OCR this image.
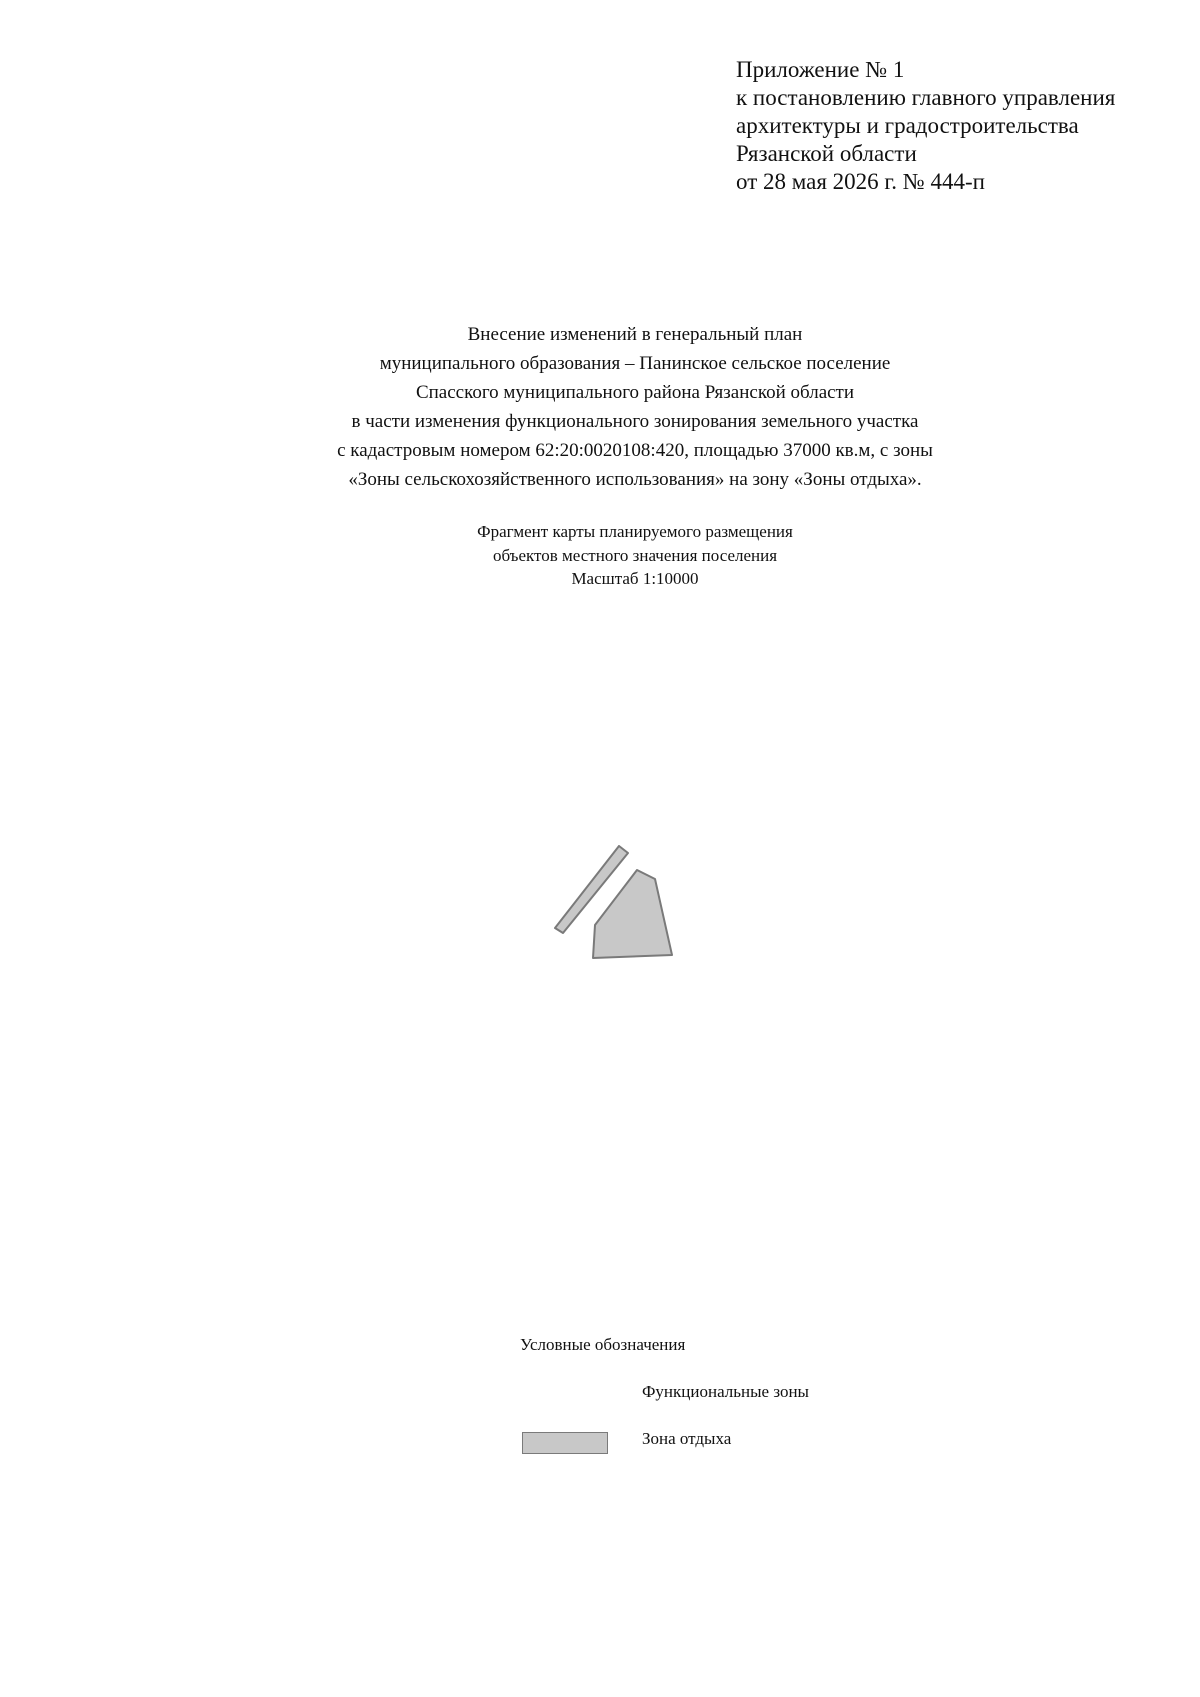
Приложение № 1
к постановлению главного управления
архитектуры и градостроительства
Рязанской области
от 28 мая 2026 г. № 444-п
Внесение изменений в генеральный план
муниципального образования – Панинское сельское поселение
Спасского муниципального района Рязанской области
в части изменения функционального зонирования земельного участка
с кадастровым номером 62:20:0020108:420, площадью 37000 кв.м, с зоны
«Зоны сельскохозяйственного использования» на зону «Зоны отдыха».
Фрагмент карты планируемого размещения
объектов местного значения поселения
Масштаб 1:10000
Условные обозначения
Функциональные зоны
Зона отдыха
